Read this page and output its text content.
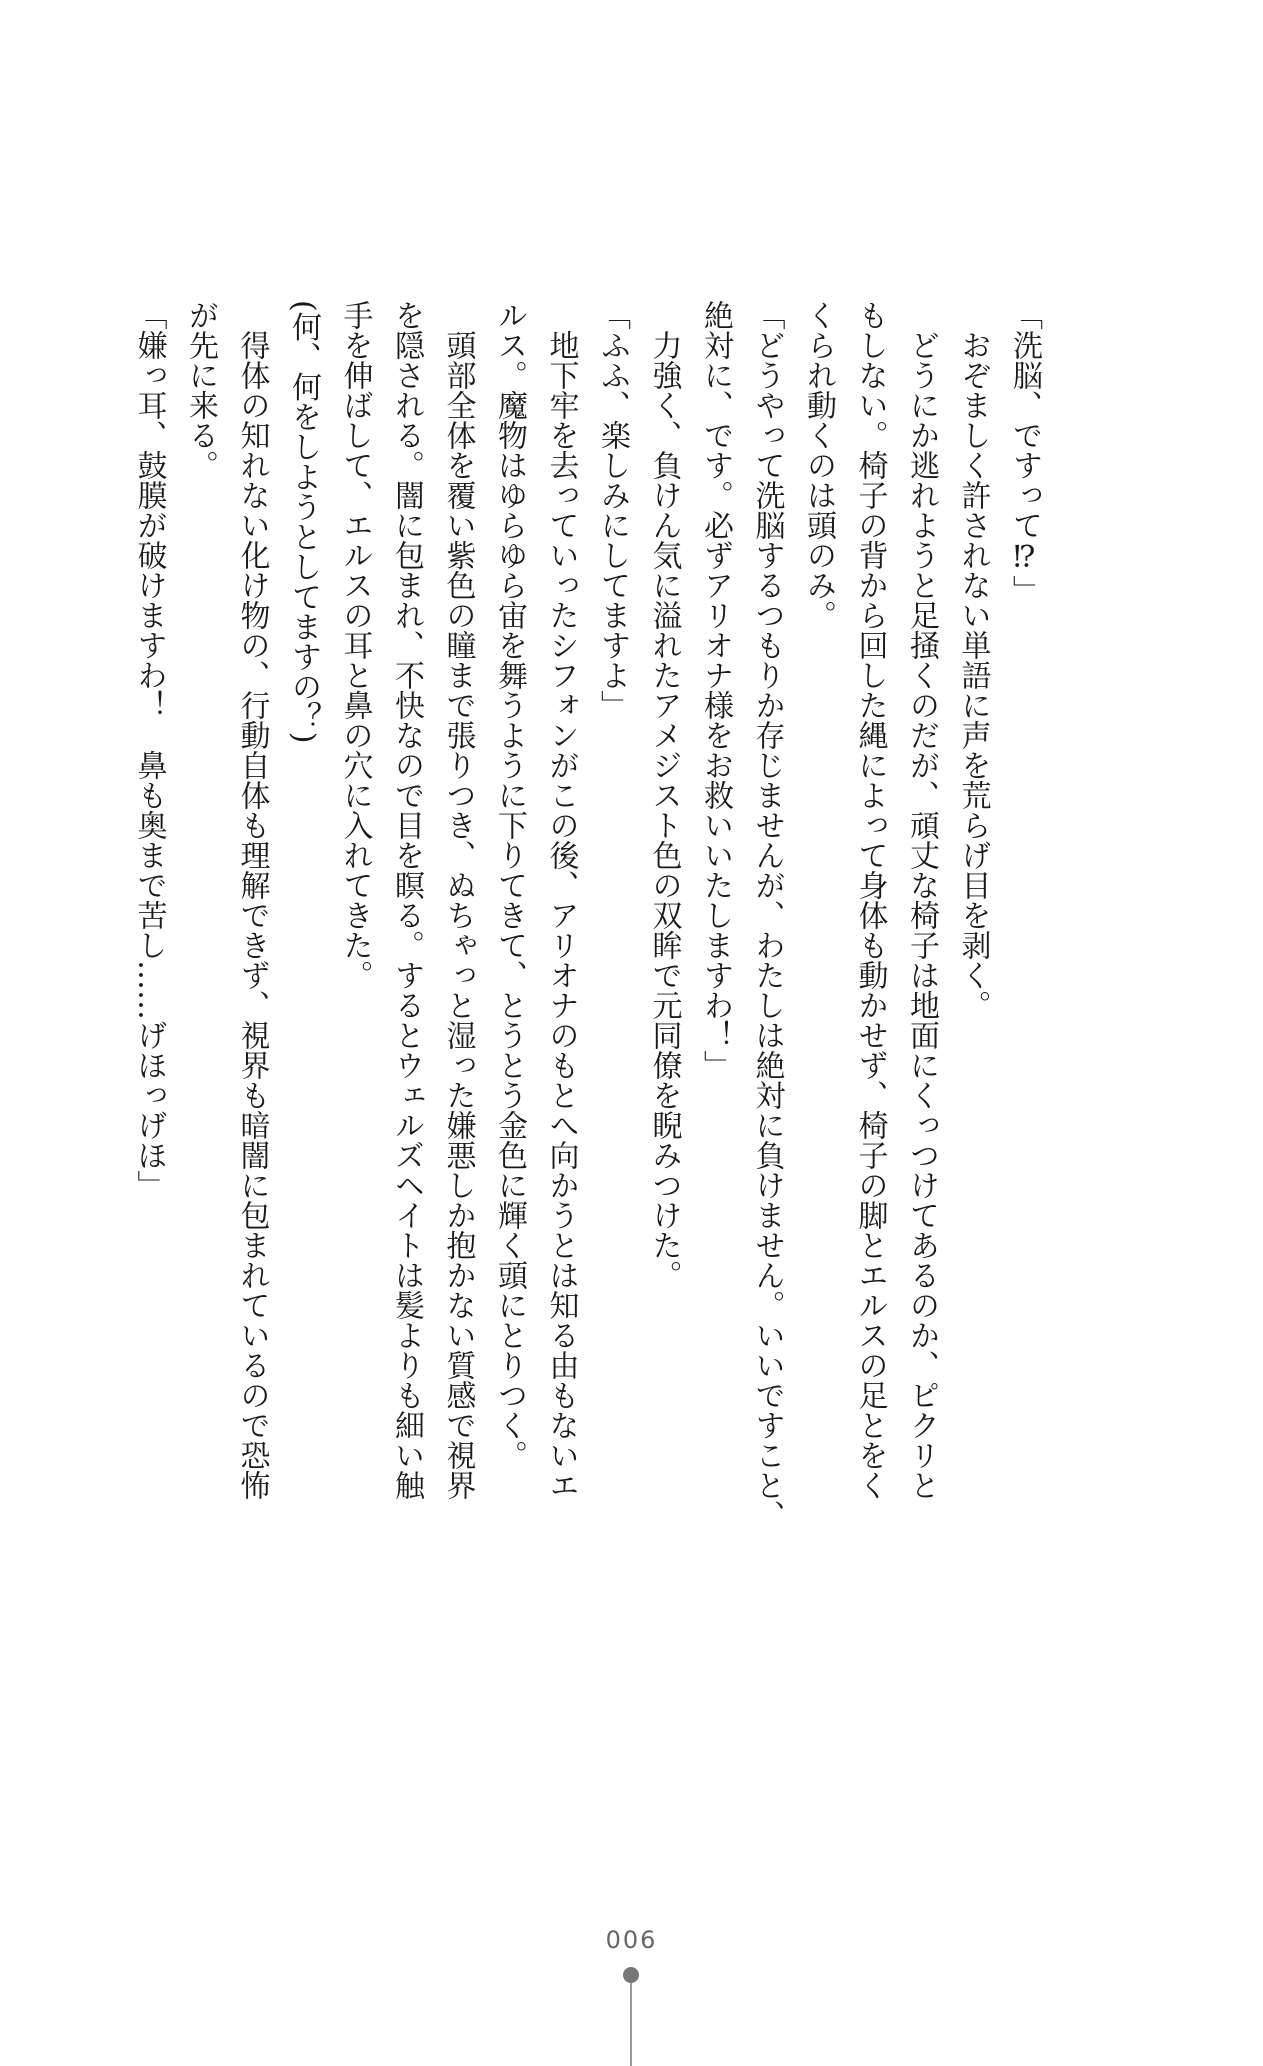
「洗脳、ですって⁉」
おぞましく許されない単語に声を荒らげ目を剥く。
どうにか逃れようと足掻くのだが、頑丈な椅子は地面にくっつけてあるのか、ピクリと
もしない。椅子の背から回した縄によって身体も動かせず、椅子の脚とエルスの足とをく
くられ動くのは頭のみ。
「どうやって洗脳するつもりか存じませんが、わたしは絶対に負けません。いいですこと、
絶対に、です。必ずアリオナ様をお救いいたしますわ！」
力強く、負けん気に溢れたアメジスト色の双眸で元同僚を睨みつけた。
「ふふ、楽しみにしてますよ」
地下牢を去っていったシフォンがこの後、アリオナのもとへ向かうとは知る由もないエ
ルス。魔物はゆらゆら宙を舞うように下りてきて、とうとう金色に輝く頭にとりつく。
頭部全体を覆い紫色の瞳まで張りつき、ぬちゃっと湿った嫌悪しか抱かない質感で視界
を隠される。闇に包まれ、不快なので目を瞑る。するとウェルズヘイトは髪よりも細い触
手を伸ばして、エルスの耳と鼻の穴に入れてきた。
(何、何をしようとしてますの？)
得体の知れない化け物の、行動自体も理解できず、視界も暗闇に包まれているので恐怖
が先に来る。
「嫌っ耳、鼓膜が破けますわ！　鼻も奥まで苦し……げほっげほ」
006
